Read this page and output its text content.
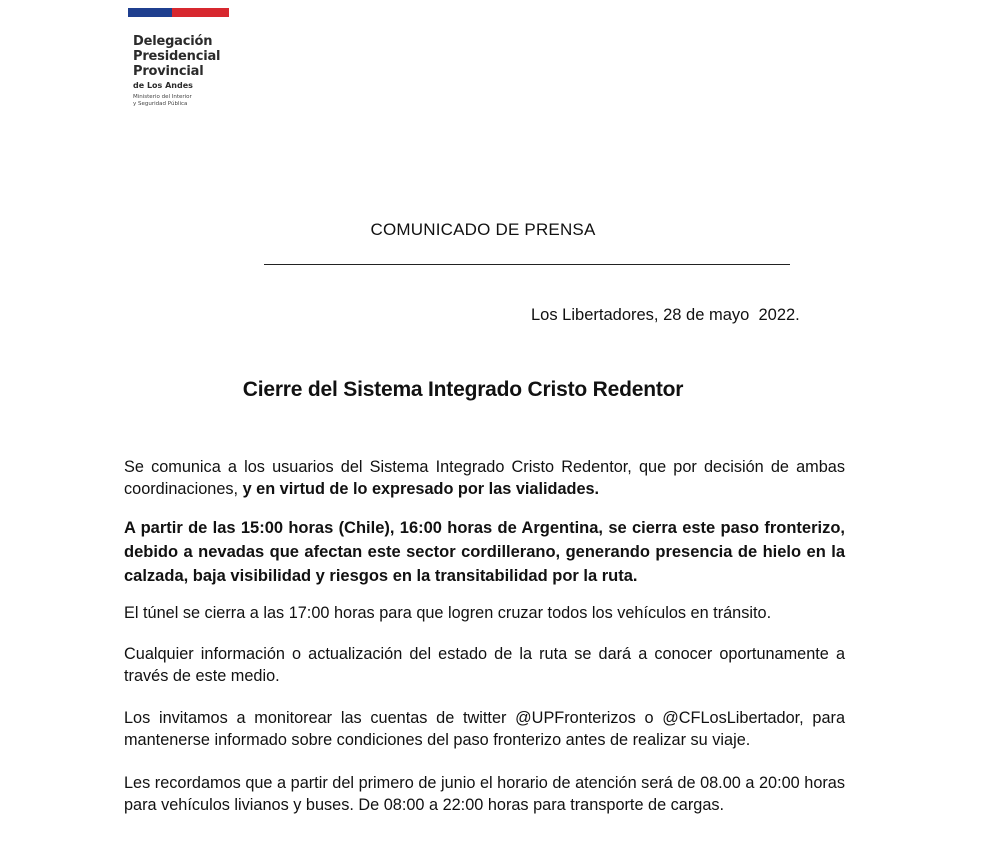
Delegación
Presidencial
Provincial
de Los Andes
Ministerio del Interior
y Seguridad Pública
COMUNICADO DE PRENSA
Los Libertadores, 28 de mayo  2022.
Cierre del Sistema Integrado Cristo Redentor

Se comunica a los usuarios del Sistema Integrado Cristo Redentor, que por decisión de ambas coordinaciones, y en virtud de lo expresado por las vialidades.

A partir de las 15:00 horas (Chile), 16:00 horas de Argentina, se cierra este paso fronterizo, debido a nevadas que afectan este sector cordillerano, generando presencia de hielo en la calzada, baja visibilidad y riesgos en la transitabilidad por la ruta.

El túnel se cierra a las 17:00 horas para que logren cruzar todos los vehículos en tránsito.

Cualquier información o actualización del estado de la ruta se dará a conocer oportunamente a través de este medio.

Los invitamos a monitorear las cuentas de twitter @UPFronterizos o @CFLosLibertador, para mantenerse informado sobre condiciones del paso fronterizo antes de realizar su viaje.

Les recordamos que a partir del primero de junio el horario de atención será de 08.00 a 20:00 horas para vehículos livianos y buses. De 08:00 a 22:00 horas para transporte de cargas.
